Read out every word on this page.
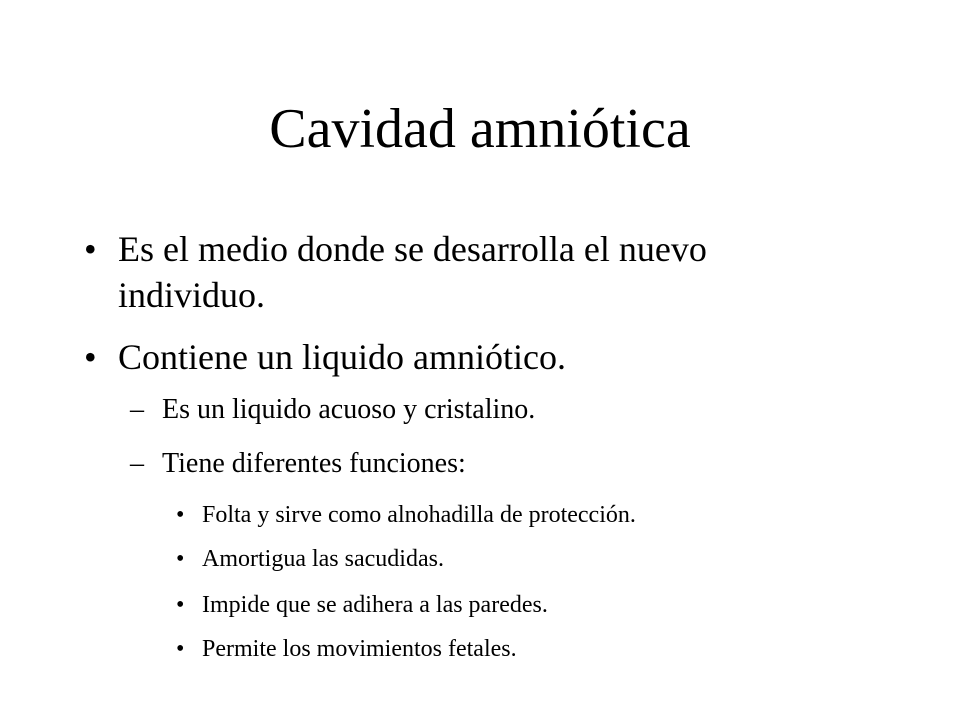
Cavidad amniótica
• Es el medio donde se desarrolla el nuevo
individuo.
• Contiene un liquido amniótico.
– Es un liquido acuoso y cristalino.
– Tiene diferentes funciones:
• Folta y sirve como alnohadilla de protección.
• Amortigua las sacudidas.
• Impide que se adihera a las paredes.
• Permite los movimientos fetales.
